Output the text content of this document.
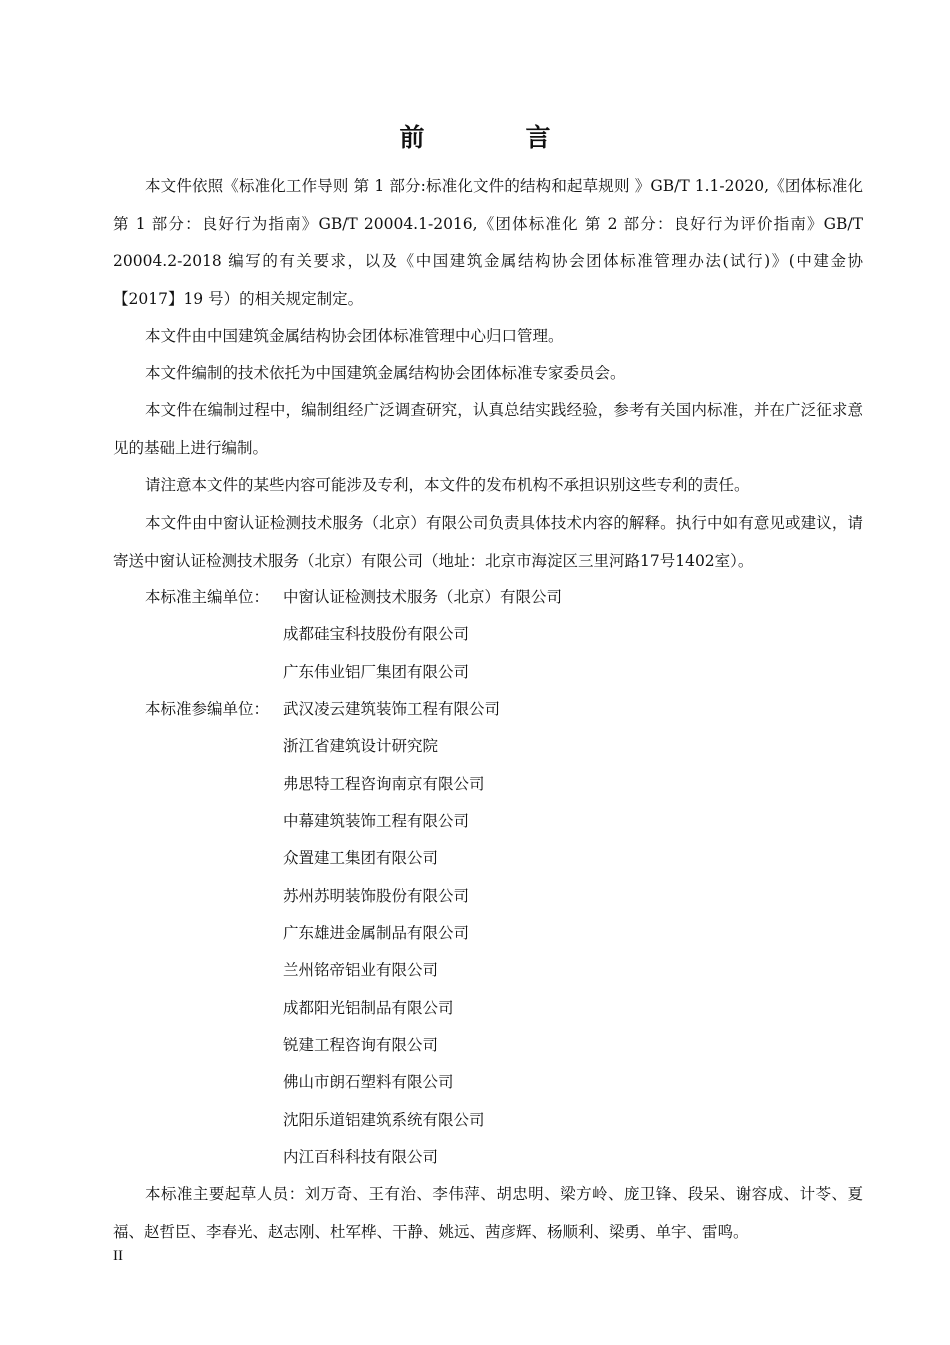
前　言

本文件依照《标准化工作导则 第 1 部分:标准化文件的结构和起草规则 》GB/T 1.1-2020,《团体标准化 第 1 部分：良好行为指南》GB/T 20004.1-2016,《团体标准化 第 2 部分：良好行为评价指南》GB/T 20004.2-2018 编写的有关要求，以及《中国建筑金属结构协会团体标准管理办法(试行)》(中建金协【2017】19 号）的相关规定制定。

本文件由中国建筑金属结构协会团体标准管理中心归口管理。

本文件编制的技术依托为中国建筑金属结构协会团体标准专家委员会。

本文件在编制过程中，编制组经广泛调查研究，认真总结实践经验，参考有关国内标准，并在广泛征求意见的基础上进行编制。

请注意本文件的某些内容可能涉及专利，本文件的发布机构不承担识别这些专利的责任。

本文件由中窗认证检测技术服务（北京）有限公司负责具体技术内容的解释。执行中如有意见或建议，请寄送中窗认证检测技术服务（北京）有限公司（地址：北京市海淀区三里河路17号1402室）。

本标准主编单位： 中窗认证检测技术服务（北京）有限公司
成都硅宝科技股份有限公司
广东伟业铝厂集团有限公司
本标准参编单位： 武汉凌云建筑装饰工程有限公司
浙江省建筑设计研究院
弗思特工程咨询南京有限公司
中幕建筑装饰工程有限公司
众置建工集团有限公司
苏州苏明装饰股份有限公司
广东雄进金属制品有限公司
兰州铭帝铝业有限公司
成都阳光铝制品有限公司
锐建工程咨询有限公司
佛山市朗石塑料有限公司
沈阳乐道铝建筑系统有限公司
内江百科科技有限公司

本标准主要起草人员：刘万奇、王有治、李伟萍、胡忠明、梁方岭、庞卫锋、段呆、谢容成、计苓、夏福、赵哲臣、李春光、赵志刚、杜军桦、干静、姚远、茜彦辉、杨顺利、梁勇、单宇、雷鸣。

II
